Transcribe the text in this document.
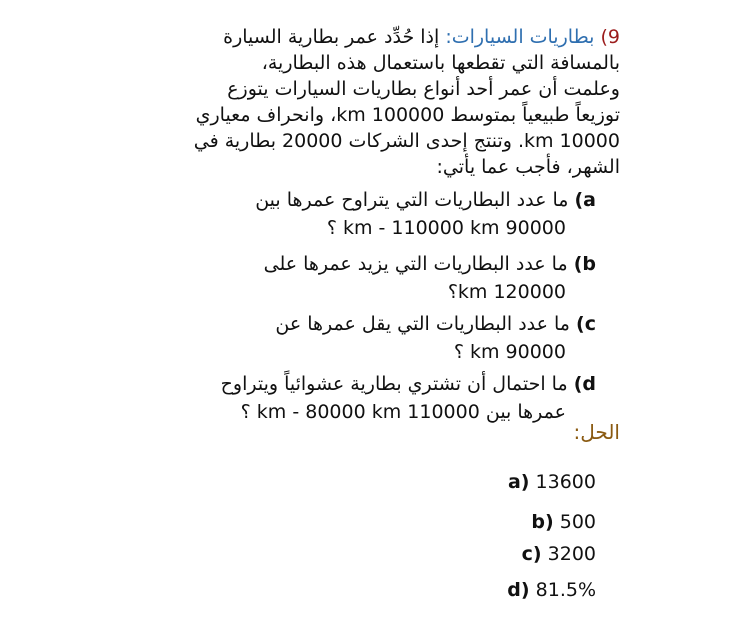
9) بطاريات السيارات: إذا حُدِّد عمر بطارية السيارة
بالمسافة التي تقطعها باستعمال هذه البطارية،
وعلمت أن عمر أحد أنواع بطاريات السيارات يتوزع
توزيعاً طبيعياً بمتوسط 100000 km، وانحراف معياري
10000 km. وتنتج إحدى الشركات 20000 بطارية في
الشهر، فأجب عما يأتي:
a) ما عدد البطاريات التي يتراوح عمرها بين
90000 km - 110000 km ؟
b) ما عدد البطاريات التي يزيد عمرها على
120000 km؟
c) ما عدد البطاريات التي يقل عمرها عن
90000 km ؟
d) ما احتمال أن تشتري بطارية عشوائياً ويتراوح
عمرها بين 110000 km - 80000 km ؟
الحل:
a) 13600
b) 500
c) 3200
d) 81.5%
